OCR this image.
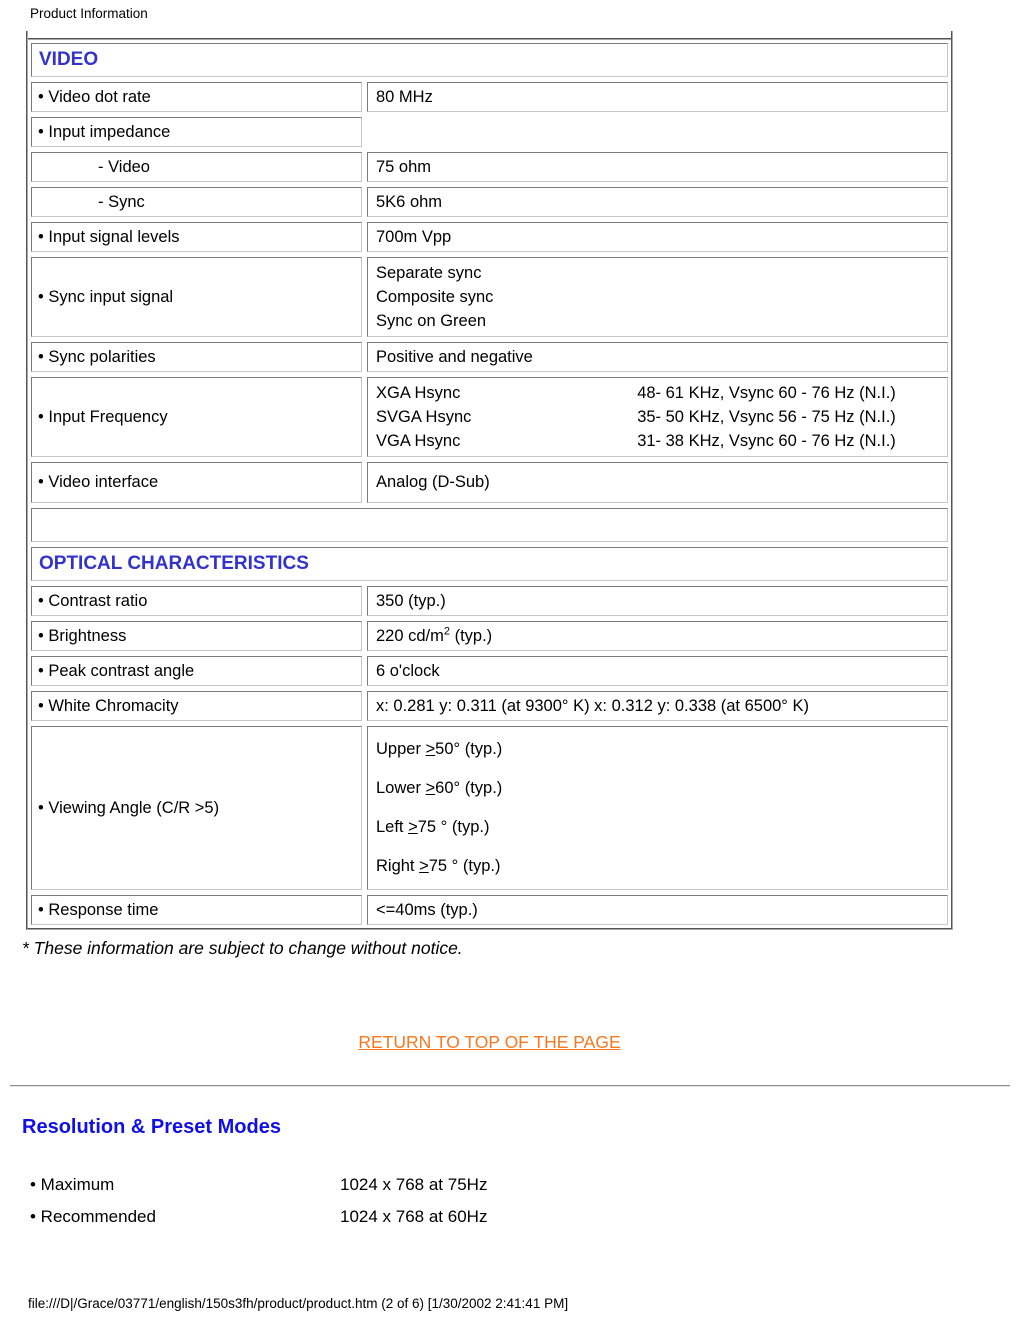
Product Information
VIDEO
• Video dot rate	80 MHz
• Input impedance
- Video	75 ohm
- Sync	5K6 ohm
• Input signal levels	700m Vpp
• Sync input signal
Separate sync
Composite sync
Sync on Green
• Sync polarities	Positive and negative
• Input Frequency
XGA Hsync	48- 61 KHz, Vsync 60 - 76 Hz (N.I.)
SVGA Hsync	35- 50 KHz, Vsync 56 - 75 Hz (N.I.)
VGA Hsync	31- 38 KHz, Vsync 60 - 76 Hz (N.I.)
• Video interface	Analog (D-Sub)
OPTICAL CHARACTERISTICS
• Contrast ratio	350 (typ.)
• Brightness	220 $cd/m^2$ (typ.)
• Peak contrast angle	6 o'clock
• White Chromacity	x: 0.281 y: 0.311 (at 9300° K) x: 0.312 y: 0.338 (at 6500° K)
• Viewing Angle (C/R >5)
Upper ≥50° (typ.)
Lower ≥60° (typ.)
Left ≥75 ° (typ.)
Right ≥75 ° (typ.)
• Response time	<=40ms (typ.)
* These information are subject to change without notice.
RETURN TO TOP OF THE PAGE
Resolution & Preset Modes
• Maximum	1024 x 768 at 75Hz
• Recommended	1024 x 768 at 60Hz
file:///D|/Grace/03771/english/150s3fh/product/product.htm (2 of 6) [1/30/2002 2:41:41 PM]
